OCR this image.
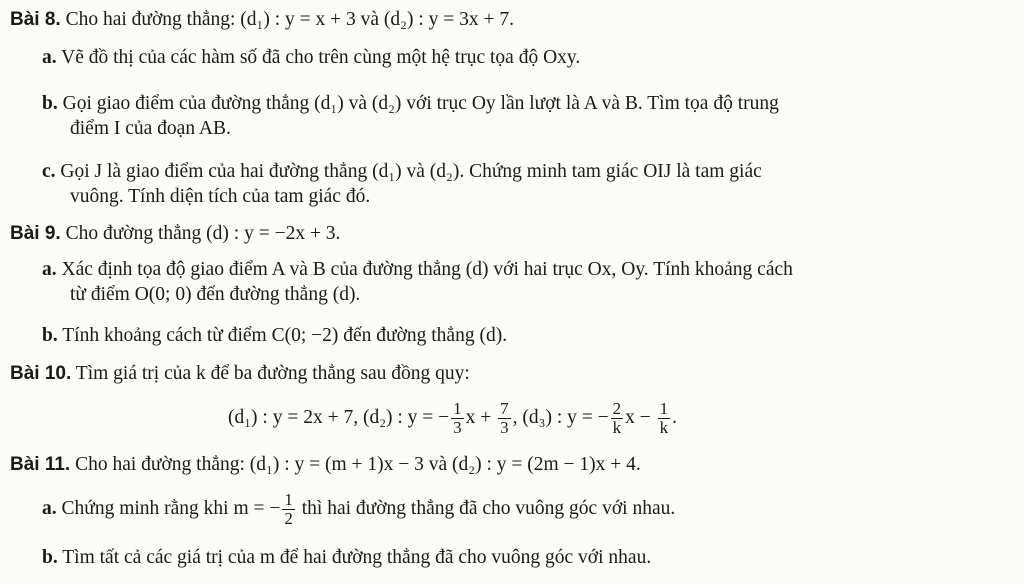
Bài 8. Cho hai đường thẳng: (d₁) : y = x + 3 và (d₂) : y = 3x + 7.
a. Vẽ đồ thị của các hàm số đã cho trên cùng một hệ trục tọa độ Oxy.
b. Gọi giao điểm của đường thẳng (d₁) và (d₂) với trục Oy lần lượt là A và B. Tìm tọa độ trung
điểm I của đoạn AB.
c. Gọi J là giao điểm của hai đường thẳng (d₁) và (d₂). Chứng minh tam giác OIJ là tam giác
vuông. Tính diện tích của tam giác đó.
Bài 9. Cho đường thẳng (d) : y = −2x + 3.
a. Xác định tọa độ giao điểm A và B của đường thẳng (d) với hai trục Ox, Oy. Tính khoảng cách
từ điểm O(0; 0) đến đường thẳng (d).
b. Tính khoảng cách từ điểm C(0; −2) đến đường thẳng (d).
Bài 10. Tìm giá trị của k để ba đường thẳng sau đồng quy:
(d₁) : y = 2x + 7, (d₂) : y = − $\frac{1}{3}$ $x + \frac{7}{3}$ , (d₃) : y = − $\frac{2}{k}$ $x - \frac{1}{k}$ .
Bài 11. Cho hai đường thẳng: (d₁) : y = (m + 1)x − 3 và (d₂) : y = (2m − 1)x + 4.
a. Chứng minh rằng khi m = − $\frac{1}{2}$ thì hai đường thẳng đã cho vuông góc với nhau.
b. Tìm tất cả các giá trị của m để hai đường thẳng đã cho vuông góc với nhau.
